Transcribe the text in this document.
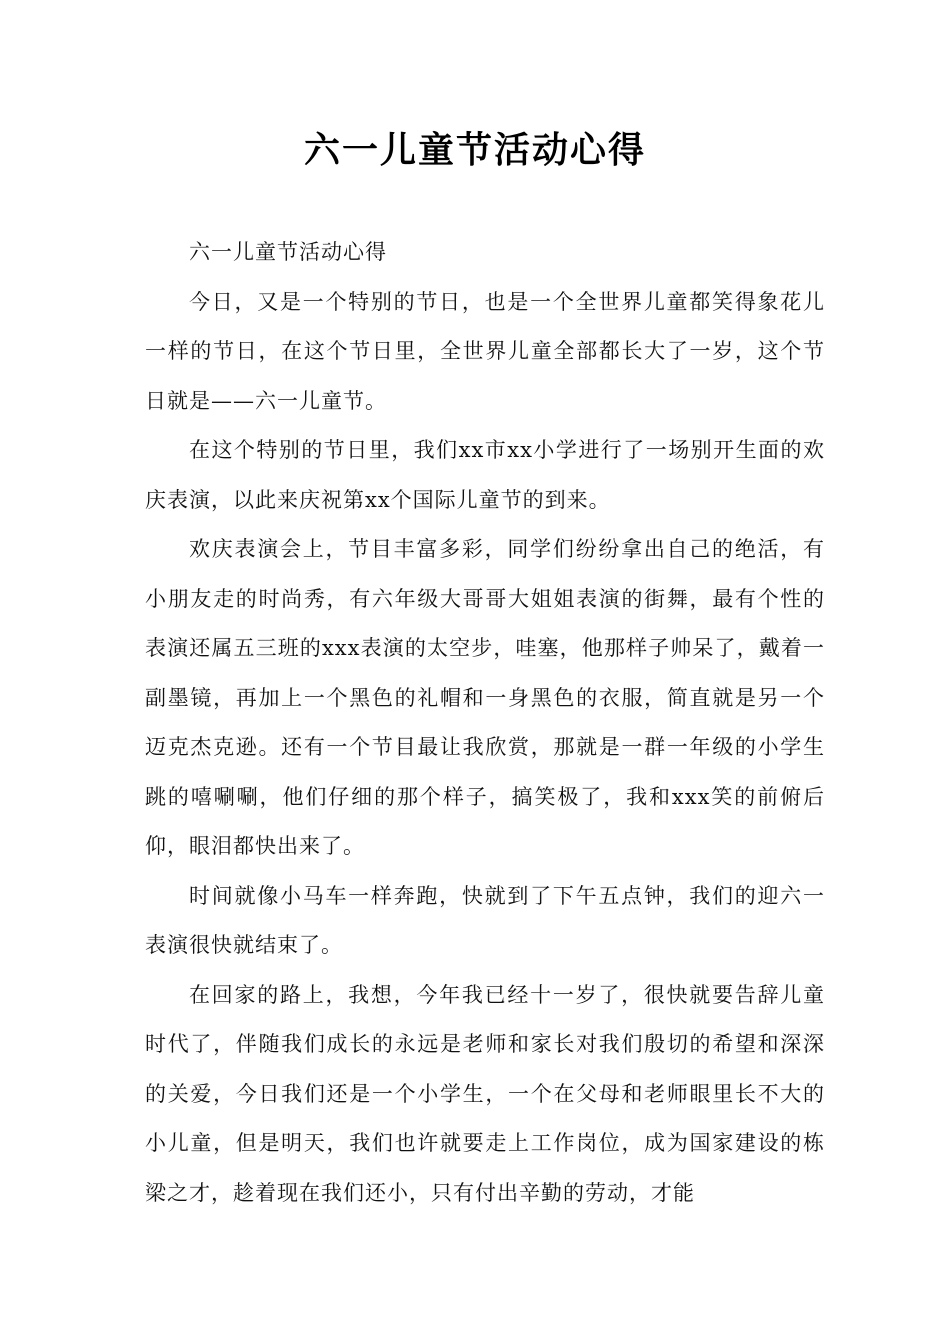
六一儿童节活动心得

六一儿童节活动心得

今日，又是一个特别的节日，也是一个全世界儿童都笑得象花儿一样的节日，在这个节日里，全世界儿童全部都长大了一岁，这个节日就是——六一儿童节。

在这个特别的节日里，我们xx市xx小学进行了一场别开生面的欢庆表演，以此来庆祝第xx个国际儿童节的到来。

欢庆表演会上，节目丰富多彩，同学们纷纷拿出自己的绝活，有小朋友走的时尚秀，有六年级大哥哥大姐姐表演的街舞，最有个性的表演还属五三班的xxx表演的太空步，哇塞，他那样子帅呆了，戴着一副墨镜，再加上一个黑色的礼帽和一身黑色的衣服，简直就是另一个迈克杰克逊。还有一个节目最让我欣赏，那就是一群一年级的小学生跳的嘻唰唰，他们仔细的那个样子，搞笑极了，我和xxx笑的前俯后仰，眼泪都快出来了。

时间就像小马车一样奔跑，快就到了下午五点钟，我们的迎六一表演很快就结束了。

在回家的路上，我想，今年我已经十一岁了，很快就要告辞儿童时代了，伴随我们成长的永远是老师和家长对我们殷切的希望和深深的关爱，今日我们还是一个小学生，一个在父母和老师眼里长不大的小儿童，但是明天，我们也许就要走上工作岗位，成为国家建设的栋梁之才，趁着现在我们还小，只有付出辛勤的劳动，才能
